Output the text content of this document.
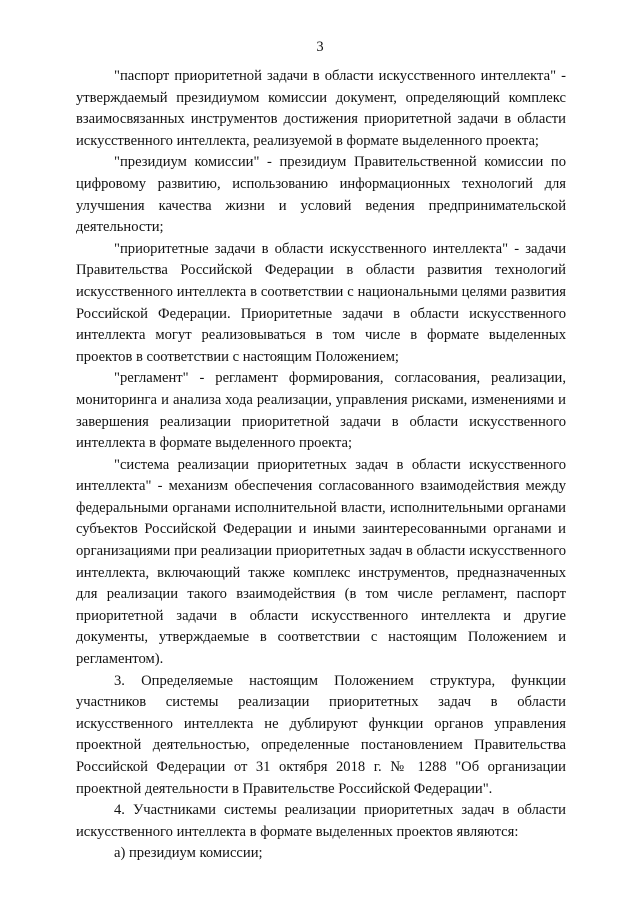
3

"паспорт приоритетной задачи в области искусственного интеллекта" - утверждаемый президиумом комиссии документ, определяющий комплекс взаимосвязанных инструментов достижения приоритетной задачи в области искусственного интеллекта, реализуемой в формате выделенного проекта;

"президиум комиссии" - президиум Правительственной комиссии по цифровому развитию, использованию информационных технологий для улучшения качества жизни и условий ведения предпринимательской деятельности;

"приоритетные задачи в области искусственного интеллекта" - задачи Правительства Российской Федерации в области развития технологий искусственного интеллекта в соответствии с национальными целями развития Российской Федерации. Приоритетные задачи в области искусственного интеллекта могут реализовываться в том числе в формате выделенных проектов в соответствии с настоящим Положением;

"регламент" - регламент формирования, согласования, реализации, мониторинга и анализа хода реализации, управления рисками, изменениями и завершения реализации приоритетной задачи в области искусственного интеллекта в формате выделенного проекта;

"система реализации приоритетных задач в области искусственного интеллекта" - механизм обеспечения согласованного взаимодействия между федеральными органами исполнительной власти, исполнительными органами субъектов Российской Федерации и иными заинтересованными органами и организациями при реализации приоритетных задач в области искусственного интеллекта, включающий также комплекс инструментов, предназначенных для реализации такого взаимодействия (в том числе регламент, паспорт приоритетной задачи в области искусственного интеллекта и другие документы, утверждаемые в соответствии с настоящим Положением и регламентом).

3. Определяемые настоящим Положением структура, функции участников системы реализации приоритетных задач в области искусственного интеллекта не дублируют функции органов управления проектной деятельностью, определенные постановлением Правительства Российской Федерации от 31 октября 2018 г. № 1288 "Об организации проектной деятельности в Правительстве Российской Федерации".

4. Участниками системы реализации приоритетных задач в области искусственного интеллекта в формате выделенных проектов являются:

а) президиум комиссии;
